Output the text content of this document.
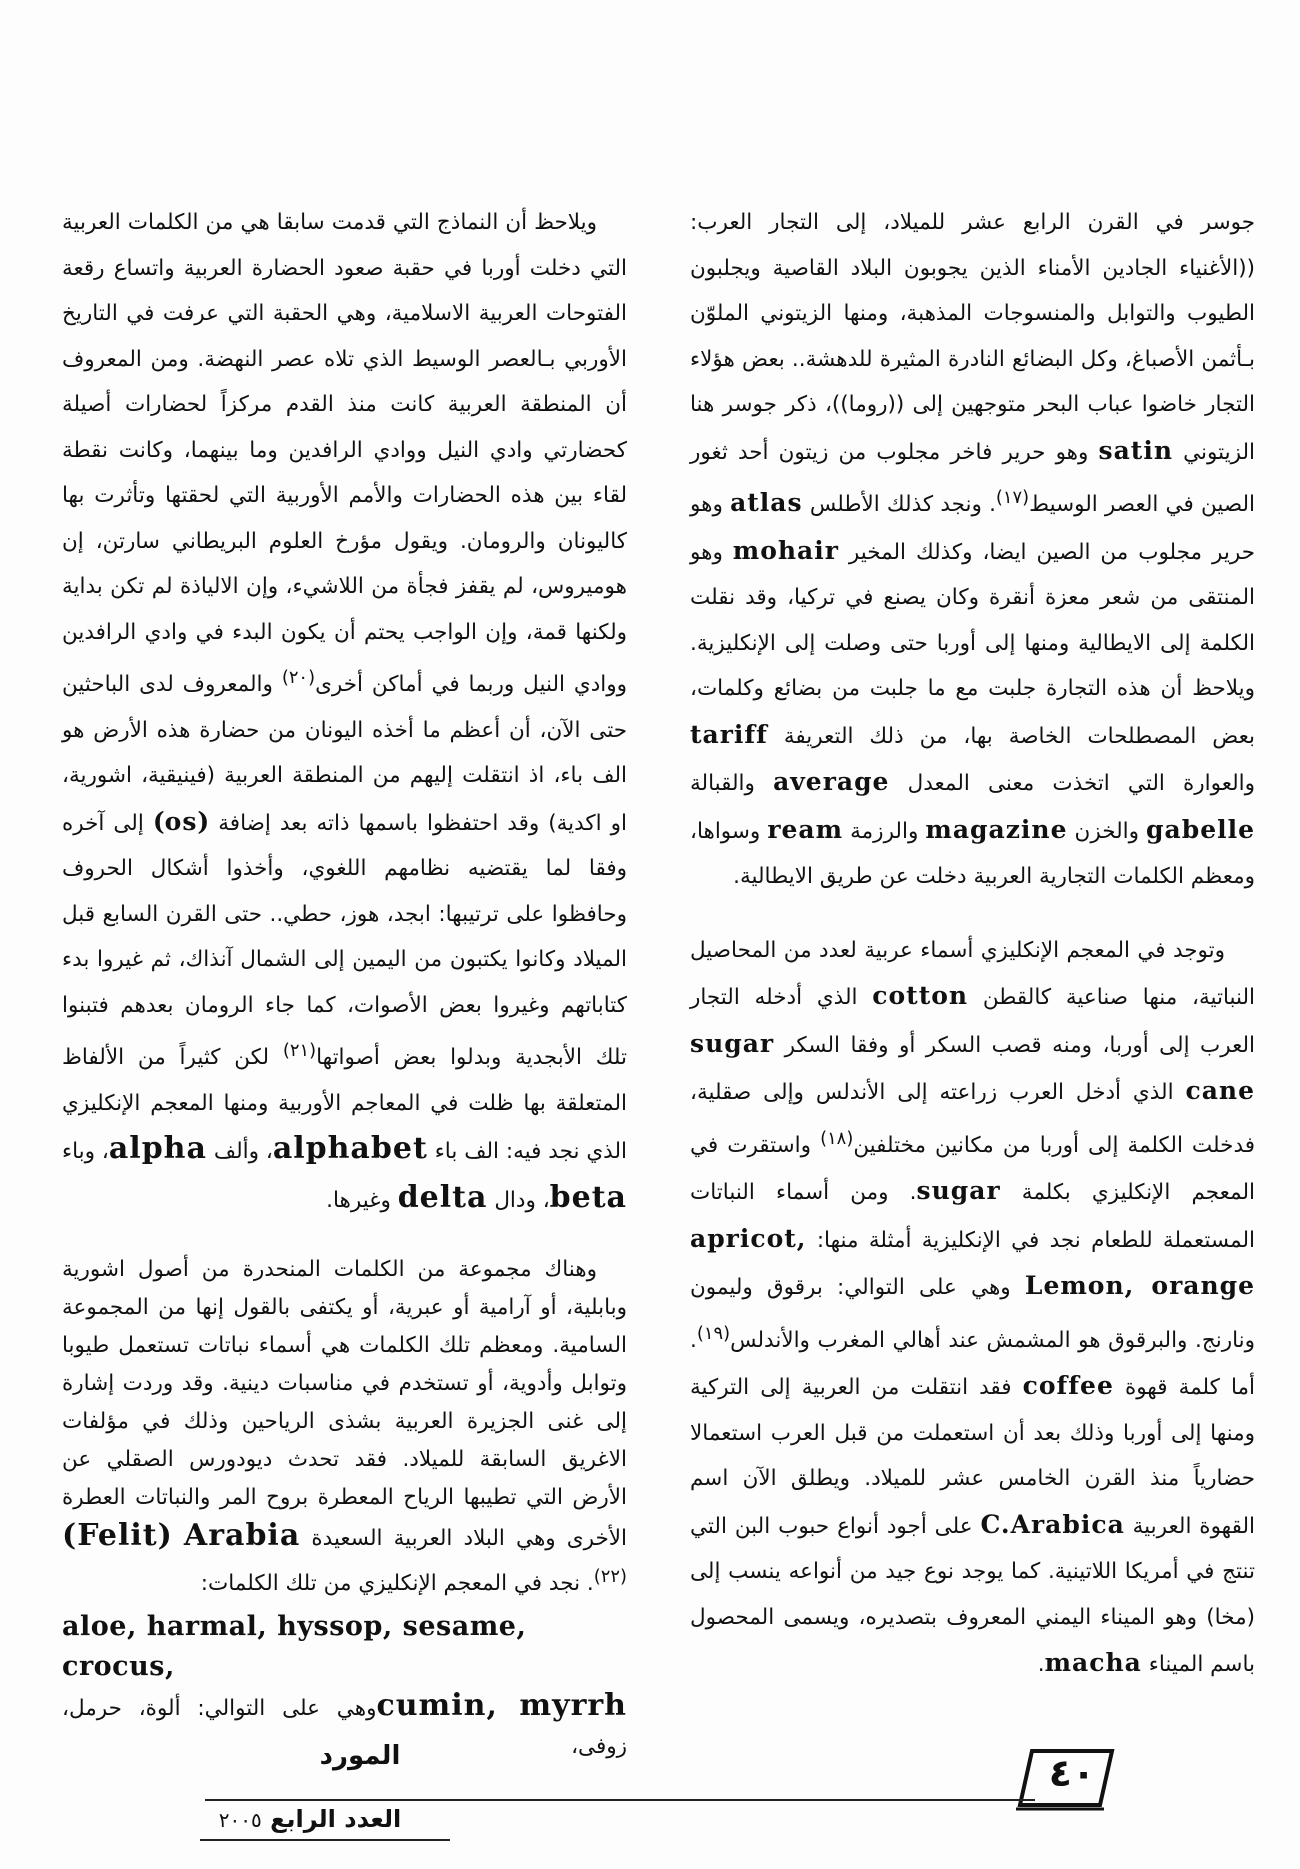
جوسر في القرن الرابع عشر للميلاد، إلى التجار العرب: ((الأغنياء الجادين الأمناء الذين يجوبون البلاد القاصية ويجلبون الطيوب والتوابل والمنسوجات المذهبة، ومنها الزيتوني الملوّن بـأثمن الأصباغ، وكل البضائع النادرة المثيرة للدهشة.. بعض هؤلاء التجار خاضوا عباب البحر متوجهين إلى ((روما))، ذكر جوسر هنا الزيتوني satin وهو حرير فاخر مجلوب من زيتون أحد ثغور الصين في العصر الوسيط$^{(١٧)}$. ونجد كذلك الأطلس atlas وهو حرير مجلوب من الصين ايضا، وكذلك المخير mohair وهو المنتقى من شعر معزة أنقرة وكان يصنع في تركيا، وقد نقلت الكلمة إلى الايطالية ومنها إلى أوربا حتى وصلت إلى الإنكليزية. ويلاحظ أن هذه التجارة جلبت مع ما جلبت من بضائع وكلمات، بعض المصطلحات الخاصة بها، من ذلك التعريفة tariff والعوارة التي اتخذت معنى المعدل average والقبالة gabelle والخزن magazine والرزمة ream وسواها، ومعظم الكلمات التجارية العربية دخلت عن طريق الايطالية.

وتوجد في المعجم الإنكليزي أسماء عربية لعدد من المحاصيل النباتية، منها صناعية كالقطن cotton الذي أدخله التجار العرب إلى أوربا، ومنه قصب السكر أو وفقا السكر sugar cane الذي أدخل العرب زراعته إلى الأندلس وإلى صقلية، فدخلت الكلمة إلى أوربا من مكانين مختلفين$^{(١٨)}$ واستقرت في المعجم الإنكليزي بكلمة sugar. ومن أسماء النباتات المستعملة للطعام نجد في الإنكليزية أمثلة منها: apricot, Lemon, orange وهي على التوالي: برقوق وليمون ونارنج. والبرقوق هو المشمش عند أهالي المغرب والأندلس$^{(١٩)}$. أما كلمة قهوة coffee فقد انتقلت من العربية إلى التركية ومنها إلى أوربا وذلك بعد أن استعملت من قبل العرب استعمالا حضارياً منذ القرن الخامس عشر للميلاد. ويطلق الآن اسم القهوة العربية C.Arabica على أجود أنواع حبوب البن التي تنتج في أمريكا اللاتينية. كما يوجد نوع جيد من أنواعه ينسب إلى (مخا) وهو الميناء اليمني المعروف بتصديره، ويسمى المحصول باسم الميناء macha.

ويلاحظ أن النماذج التي قدمت سابقا هي من الكلمات العربية التي دخلت أوربا في حقبة صعود الحضارة العربية واتساع رقعة الفتوحات العربية الاسلامية، وهي الحقبة التي عرفت في التاريخ الأوربي بـالعصر الوسيط الذي تلاه عصر النهضة. ومن المعروف أن المنطقة العربية كانت منذ القدم مركزاً لحضارات أصيلة كحضارتي وادي النيل ووادي الرافدين وما بينهما، وكانت نقطة لقاء بين هذه الحضارات والأمم الأوربية التي لحقتها وتأثرت بها كاليونان والرومان. ويقول مؤرخ العلوم البريطاني سارتن، إن هوميروس، لم يقفز فجأة من اللاشيء، وإن الالياذة لم تكن بداية ولكنها قمة، وإن الواجب يحتم أن يكون البدء في وادي الرافدين ووادي النيل وربما في أماكن أخرى$^{(٢٠)}$ والمعروف لدى الباحثين حتى الآن، أن أعظم ما أخذه اليونان من حضارة هذه الأرض هو الف باء، اذ انتقلت إليهم من المنطقة العربية (فينيقية، اشورية، او اكدية) وقد احتفظوا باسمها ذاته بعد إضافة (os) إلى آخره وفقا لما يقتضيه نظامهم اللغوي، وأخذوا أشكال الحروف وحافظوا على ترتيبها: ابجد، هوز، حطي.. حتى القرن السابع قبل الميلاد وكانوا يكتبون من اليمين إلى الشمال آنذاك، ثم غيروا بدء كتاباتهم وغيروا بعض الأصوات، كما جاء الرومان بعدهم فتبنوا تلك الأبجدية وبدلوا بعض أصواتها$^{(٢١)}$ لكن كثيراً من الألفاظ المتعلقة بها ظلت في المعاجم الأوربية ومنها المعجم الإنكليزي الذي نجد فيه: الف باء alphabet، وألف alpha، وباء beta، ودال delta وغيرها.

وهناك مجموعة من الكلمات المنحدرة من أصول اشورية وبابلية، أو آرامية أو عبرية، أو يكتفى بالقول إنها من المجموعة السامية. ومعظم تلك الكلمات هي أسماء نباتات تستعمل طيوبا وتوابل وأدوية، أو تستخدم في مناسبات دينية. وقد وردت إشارة إلى غنى الجزيرة العربية بشذى الرياحين وذلك في مؤلفات الاغريق السابقة للميلاد. فقد تحدث ديودورس الصقلي عن الأرض التي تطيبها الرياح المعطرة بروح المر والنباتات العطرة الأخرى وهي البلاد العربية السعيدة Arabia (Felit)$^{(٢٢)}$. نجد في المعجم الإنكليزي من تلك الكلمات:

aloe, harmal, hyssop, sesame, crocus,

cumin, myrrhوهي على التوالي: ألوة، حرمل، زوفى،

٤٠
المورد
العدد الرابع ٢٠٠٥
